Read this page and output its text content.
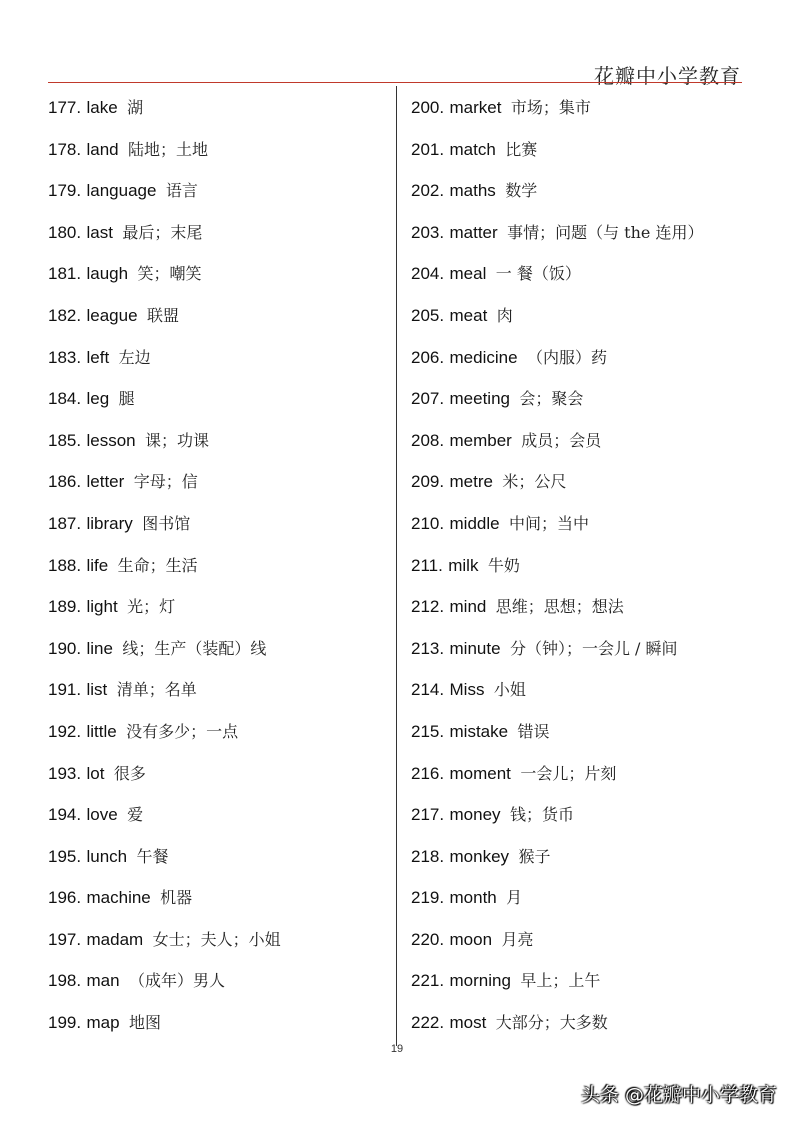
花瓣中小学教育
177. lake 湖
178. land 陆地；土地
179. language 语言
180. last 最后；末尾
181. laugh 笑；嘲笑
182. league 联盟
183. left 左边
184. leg 腿
185. lesson 课；功课
186. letter 字母；信
187. library 图书馆
188. life 生命；生活
189. light 光；灯
190. line 线；生产（装配）线
191. list 清单；名单
192. little 没有多少；一点
193. lot 很多
194. love 爱
195. lunch 午餐
196. machine 机器
197. madam 女士；夫人；小姐
198. man （成年）男人
199. map 地图
200. market 市场；集市
201. match 比赛
202. maths 数学
203. matter 事情；问题（与 the 连用）
204. meal 一 餐（饭）
205. meat 肉
206. medicine （内服）药
207. meeting 会；聚会
208. member 成员；会员
209. metre 米；公尺
210. middle 中间；当中
211. milk 牛奶
212. mind 思维；思想；想法
213. minute 分（钟）；一会儿 / 瞬间
214. Miss 小姐
215. mistake 错误
216. moment 一会儿；片刻
217. money 钱；货币
218. monkey 猴子
219. month 月
220. moon 月亮
221. morning 早上；上午
222. most 大部分；大多数
19
头条 @花瓣中小学教育
